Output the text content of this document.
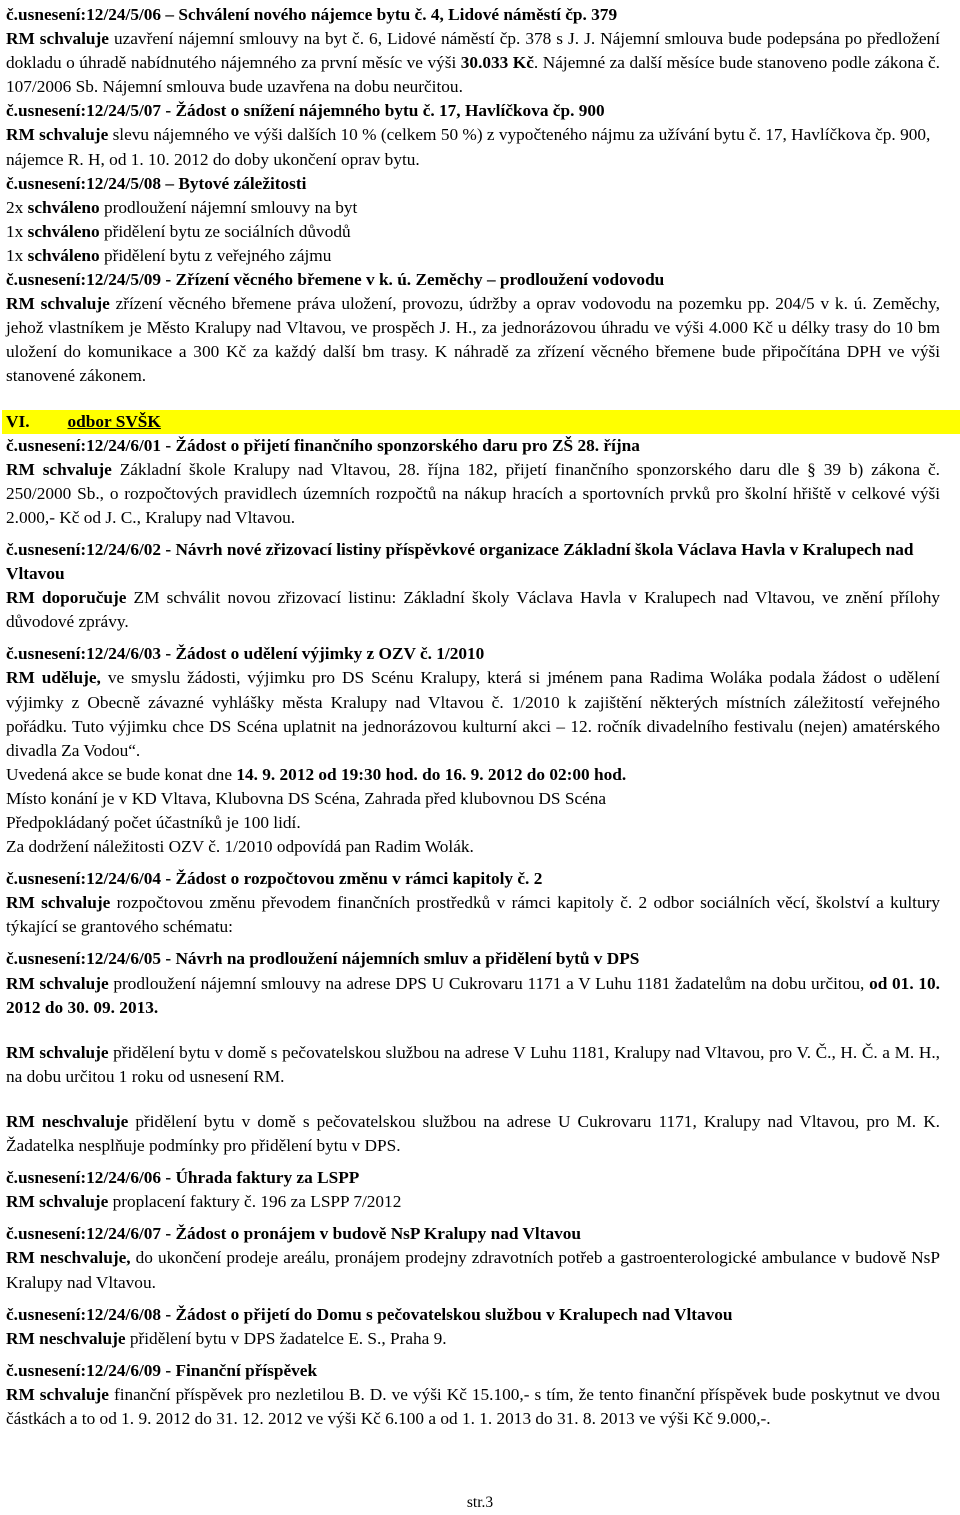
č.usnesení:12/24/5/06 – Schválení nového nájemce bytu č. 4, Lidové náměstí čp. 379

RM schvaluje uzavření nájemní smlouvy na byt č. 6, Lidové náměstí čp. 378 s J. J. Nájemní smlouva bude podepsána po předložení dokladu o úhradě nabídnutého nájemného za první měsíc ve výši 30.033 Kč. Nájemné za další měsíce bude stanoveno podle zákona č. 107/2006 Sb. Nájemní smlouva bude uzavřena na dobu neurčitou.

č.usnesení:12/24/5/07 - Žádost o snížení nájemného bytu č. 17, Havlíčkova čp. 900

RM schvaluje slevu nájemného ve výši dalších 10 % (celkem 50 %) z vypočteného nájmu za užívání bytu č. 17, Havlíčkova čp. 900, nájemce R. H, od 1. 10. 2012 do doby ukončení oprav bytu.

č.usnesení:12/24/5/08 – Bytové záležitosti

2x schváleno prodloužení nájemní smlouvy na byt

1x schváleno přidělení bytu ze sociálních důvodů

1x schváleno přidělení bytu z veřejného zájmu

č.usnesení:12/24/5/09 - Zřízení věcného břemene v k. ú. Zeměchy – prodloužení vodovodu

RM schvaluje zřízení věcného břemene práva uložení, provozu, údržby a oprav vodovodu na pozemku pp. 204/5 v k. ú. Zeměchy, jehož vlastníkem je Město Kralupy nad Vltavou, ve prospěch J. H., za jednorázovou úhradu ve výši 4.000 Kč u délky trasy do 10 bm uložení do komunikace a 300 Kč za každý další bm trasy. K náhradě za zřízení věcného břemene bude připočítána DPH ve výši stanovené zákonem.

VI. odbor SVŠK

č.usnesení:12/24/6/01 - Žádost o přijetí finančního sponzorského daru pro ZŠ 28. října

RM schvaluje Základní škole Kralupy nad Vltavou, 28. října 182, přijetí finančního sponzorského daru dle § 39 b) zákona č. 250/2000 Sb., o rozpočtových pravidlech územních rozpočtů na nákup hracích a sportovních prvků pro školní hřiště v celkové výši 2.000,- Kč od J. C., Kralupy nad Vltavou.

č.usnesení:12/24/6/02 - Návrh nové zřizovací listiny příspěvkové organizace Základní škola Václava Havla v Kralupech nad Vltavou

RM doporučuje ZM schválit novou zřizovací listinu: Základní školy Václava Havla v Kralupech nad Vltavou, ve znění přílohy důvodové zprávy.

č.usnesení:12/24/6/03 - Žádost o udělení výjimky z OZV č. 1/2010

RM uděluje, ve smyslu žádosti, výjimku pro DS Scénu Kralupy, která si jménem pana Radima Woláka podala žádost o udělení výjimky z Obecně závazné vyhlášky města Kralupy nad Vltavou č. 1/2010 k zajištění některých místních záležitostí veřejného pořádku. Tuto výjimku chce DS Scéna uplatnit na jednorázovou kulturní akci – 12. ročník divadelního festivalu (nejen) amatérského divadla Za Vodou“.

Uvedená akce se bude konat dne 14. 9. 2012 od 19:30 hod. do 16. 9. 2012 do 02:00 hod.

Místo konání je v KD Vltava, Klubovna DS Scéna, Zahrada před klubovnou DS Scéna

Předpokládaný počet účastníků je 100 lidí.

Za dodržení náležitosti OZV č. 1/2010 odpovídá pan Radim Wolák.

č.usnesení:12/24/6/04 - Žádost o rozpočtovou změnu v rámci kapitoly č. 2

RM schvaluje rozpočtovou změnu převodem finančních prostředků v rámci kapitoly č. 2 odbor sociálních věcí, školství a kultury týkající se grantového schématu:

č.usnesení:12/24/6/05 - Návrh na prodloužení nájemních smluv a přidělení bytů v DPS

RM schvaluje prodloužení nájemní smlouvy na adrese DPS U Cukrovaru 1171 a V Luhu 1181 žadatelům na dobu určitou, od 01. 10. 2012 do 30. 09. 2013.

RM schvaluje přidělení bytu v domě s pečovatelskou službou na adrese V Luhu 1181, Kralupy nad Vltavou, pro V. Č., H. Č. a M. H., na dobu určitou 1 roku od usnesení RM.

RM neschvaluje přidělení bytu v domě s pečovatelskou službou na adrese U Cukrovaru 1171, Kralupy nad Vltavou, pro M. K. Žadatelka nesplňuje podmínky pro přidělení bytu v DPS.

č.usnesení:12/24/6/06 - Úhrada faktury za LSPP

RM schvaluje proplacení faktury č. 196 za LSPP 7/2012

č.usnesení:12/24/6/07 - Žádost o pronájem v budově NsP Kralupy nad Vltavou

RM neschvaluje, do ukončení prodeje areálu, pronájem prodejny zdravotních potřeb a gastroenterologické ambulance v budově NsP Kralupy nad Vltavou.

č.usnesení:12/24/6/08 - Žádost o přijetí do Domu s pečovatelskou službou v Kralupech nad Vltavou

RM neschvaluje přidělení bytu v DPS žadatelce E. S., Praha 9.

č.usnesení:12/24/6/09 - Finanční příspěvek

RM schvaluje finanční příspěvek pro nezletilou B. D. ve výši Kč 15.100,- s tím, že tento finanční příspěvek bude poskytnut ve dvou částkách a to od 1. 9. 2012 do 31. 12. 2012 ve výši Kč 6.100 a od 1. 1. 2013 do 31. 8. 2013 ve výši Kč 9.000,-.

str.3
